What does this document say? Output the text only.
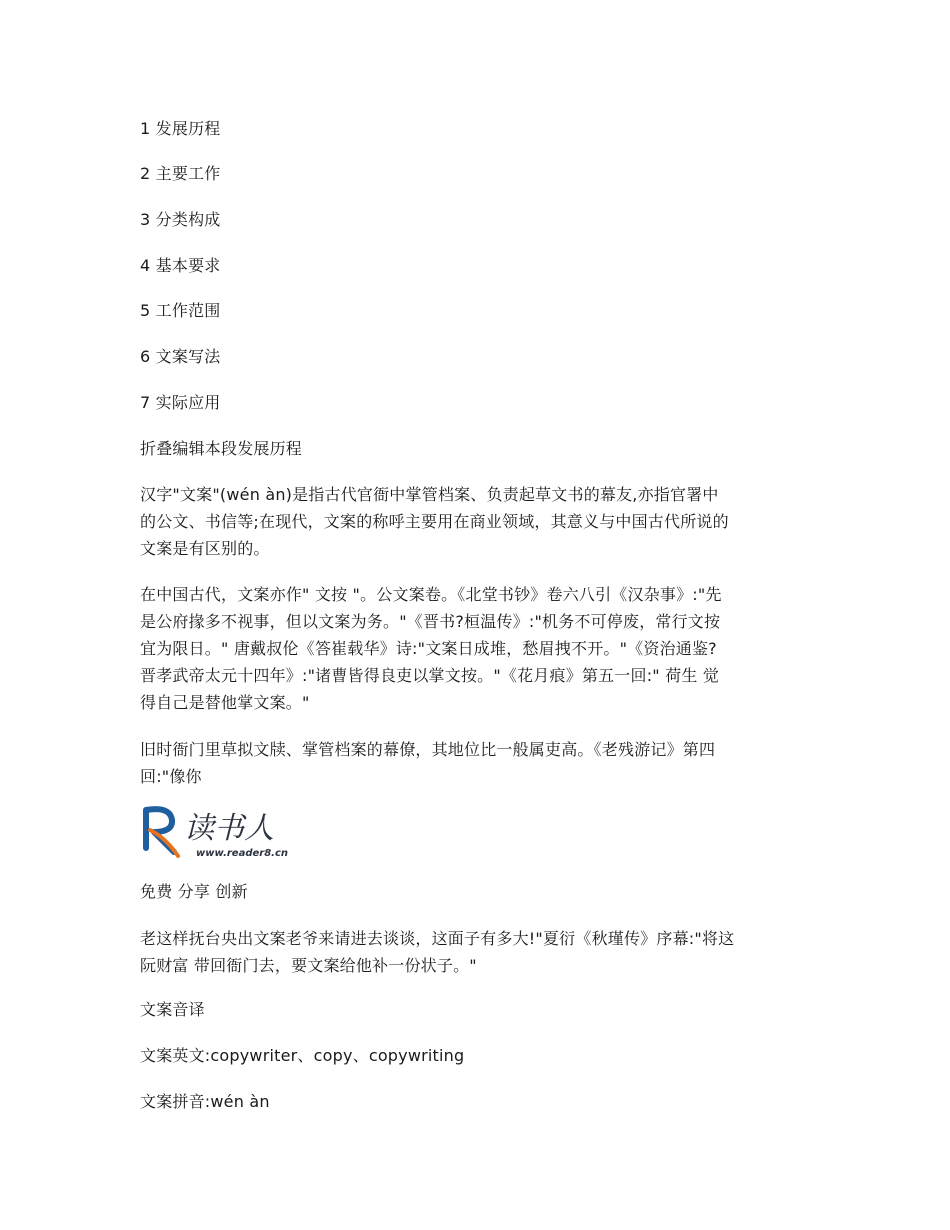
1 发展历程
2 主要工作
3 分类构成
4 基本要求
5 工作范围
6 文案写法
7 实际应用
折叠编辑本段发展历程
汉字"文案"(wén àn)是指古代官衙中掌管档案、负责起草文书的幕友,亦指官署中
的公文、书信等;在现代，文案的称呼主要用在商业领域，其意义与中国古代所说的
文案是有区别的。
在中国古代，文案亦作" 文按 "。公文案卷。《北堂书钞》卷六八引《汉杂事》:"先
是公府掾多不视事，但以文案为务。"《晋书?桓温传》:"机务不可停废，常行文按
宜为限日。" 唐戴叔伦《答崔载华》诗:"文案日成堆，愁眉拽不开。"《资治通鉴?
晋孝武帝太元十四年》:"诸曹皆得良吏以掌文按。"《花月痕》第五一回:" 荷生 觉
得自己是替他掌文案。"
旧时衙门里草拟文牍、掌管档案的幕僚，其地位比一般属吏高。《老残游记》第四
回:"像你
读书人
www.reader8.cn
免费 分享 创新
老这样抚台央出文案老爷来请进去谈谈，这面子有多大!"夏衍《秋瑾传》序幕:"将这
阮财富 带回衙门去，要文案给他补一份状子。"
文案音译
文案英文:copywriter、copy、copywriting
文案拼音:wén àn
